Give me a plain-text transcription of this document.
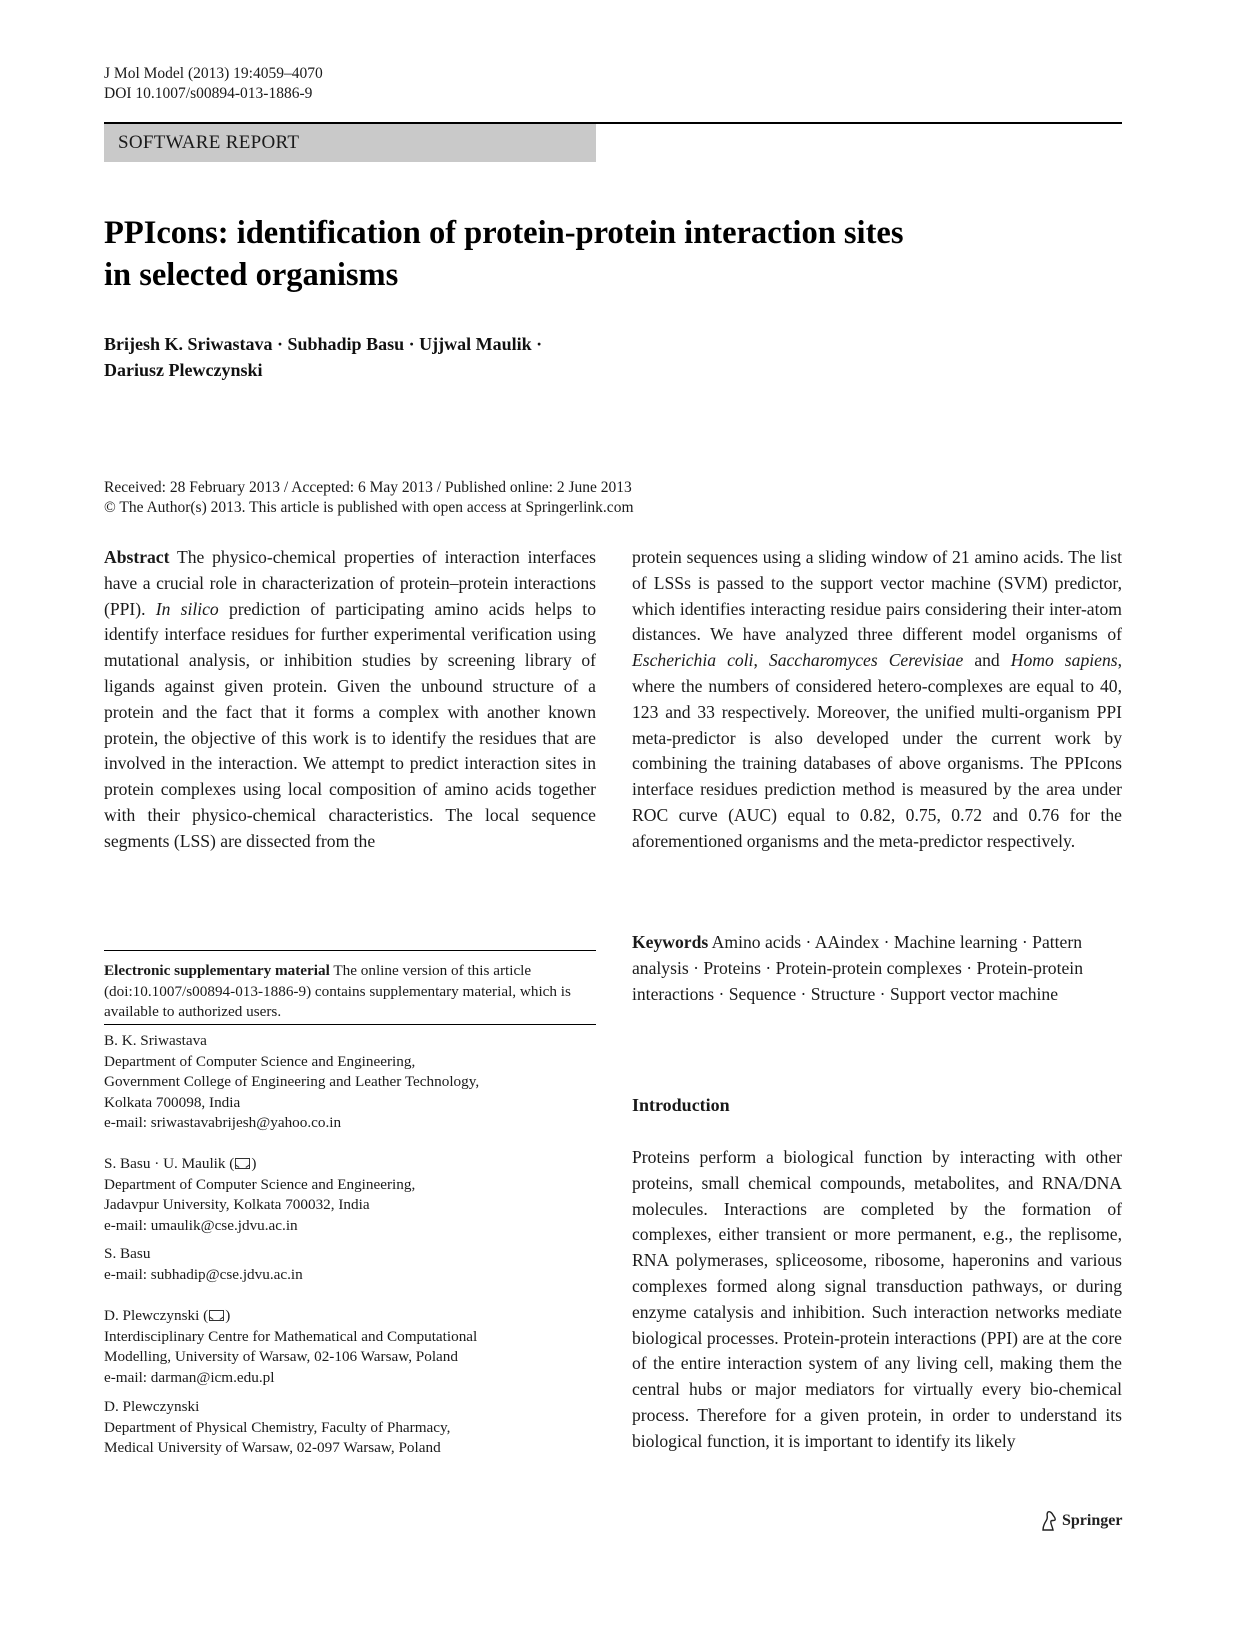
J Mol Model (2013) 19:4059–4070
DOI 10.1007/s00894-013-1886-9
SOFTWARE REPORT
PPIcons: identification of protein-protein interaction sites
in selected organisms
Brijesh K. Sriwastava · Subhadip Basu · Ujjwal Maulik ·
Dariusz Plewczynski
Received: 28 February 2013 / Accepted: 6 May 2013 / Published online: 2 June 2013
© The Author(s) 2013. This article is published with open access at Springerlink.com

Abstract The physico-chemical properties of interaction interfaces have a crucial role in characterization of protein–protein interactions (PPI). In silico prediction of participating amino acids helps to identify interface residues for further experimental verification using mutational analysis, or inhibition studies by screening library of ligands against given protein. Given the unbound structure of a protein and the fact that it forms a complex with another known protein, the objective of this work is to identify the residues that are involved in the interaction. We attempt to predict interaction sites in protein complexes using local composition of amino acids together with their physico-chemical characteristics. The local sequence segments (LSS) are dissected from the

protein sequences using a sliding window of 21 amino acids. The list of LSSs is passed to the support vector machine (SVM) predictor, which identifies interacting residue pairs considering their inter-atom distances. We have analyzed three different model organisms of Escherichia coli, Saccharomyces Cerevisiae and Homo sapiens, where the numbers of considered hetero-complexes are equal to 40, 123 and 33 respectively. Moreover, the unified multi-organism PPI meta-predictor is also developed under the current work by combining the training databases of above organisms. The PPIcons interface residues prediction method is measured by the area under ROC curve (AUC) equal to 0.82, 0.75, 0.72 and 0.76 for the aforementioned organisms and the meta-predictor respectively.

Keywords Amino acids · AAindex · Machine learning · Pattern analysis · Proteins · Protein-protein complexes · Protein-protein interactions · Sequence · Structure · Support vector machine
Introduction
Proteins perform a biological function by interacting with other proteins, small chemical compounds, metabolites, and RNA/DNA molecules. Interactions are completed by the formation of complexes, either transient or more permanent, e.g., the replisome, RNA polymerases, spliceosome, ribosome, haperonins and various complexes formed along signal transduction pathways, or during enzyme catalysis and inhibition. Such interaction networks mediate biological processes. Protein-protein interactions (PPI) are at the core of the entire interaction system of any living cell, making them the central hubs or major mediators for virtually every bio-chemical process. Therefore for a given protein, in order to understand its biological function, it is important to identify its likely
Electronic supplementary material The online version of this article (doi:10.1007/s00894-013-1886-9) contains supplementary material, which is available to authorized users.
B. K. Sriwastava
Department of Computer Science and Engineering,
Government College of Engineering and Leather Technology,
Kolkata 700098, India
e-mail: sriwastavabrijesh@yahoo.co.in
S. Basu · U. Maulik ( )
Department of Computer Science and Engineering,
Jadavpur University, Kolkata 700032, India
e-mail: umaulik@cse.jdvu.ac.in
S. Basu
e-mail: subhadip@cse.jdvu.ac.in
D. Plewczynski ( )
Interdisciplinary Centre for Mathematical and Computational
Modelling, University of Warsaw, 02-106 Warsaw, Poland
e-mail: darman@icm.edu.pl
D. Plewczynski
Department of Physical Chemistry, Faculty of Pharmacy,
Medical University of Warsaw, 02-097 Warsaw, Poland
Springer
